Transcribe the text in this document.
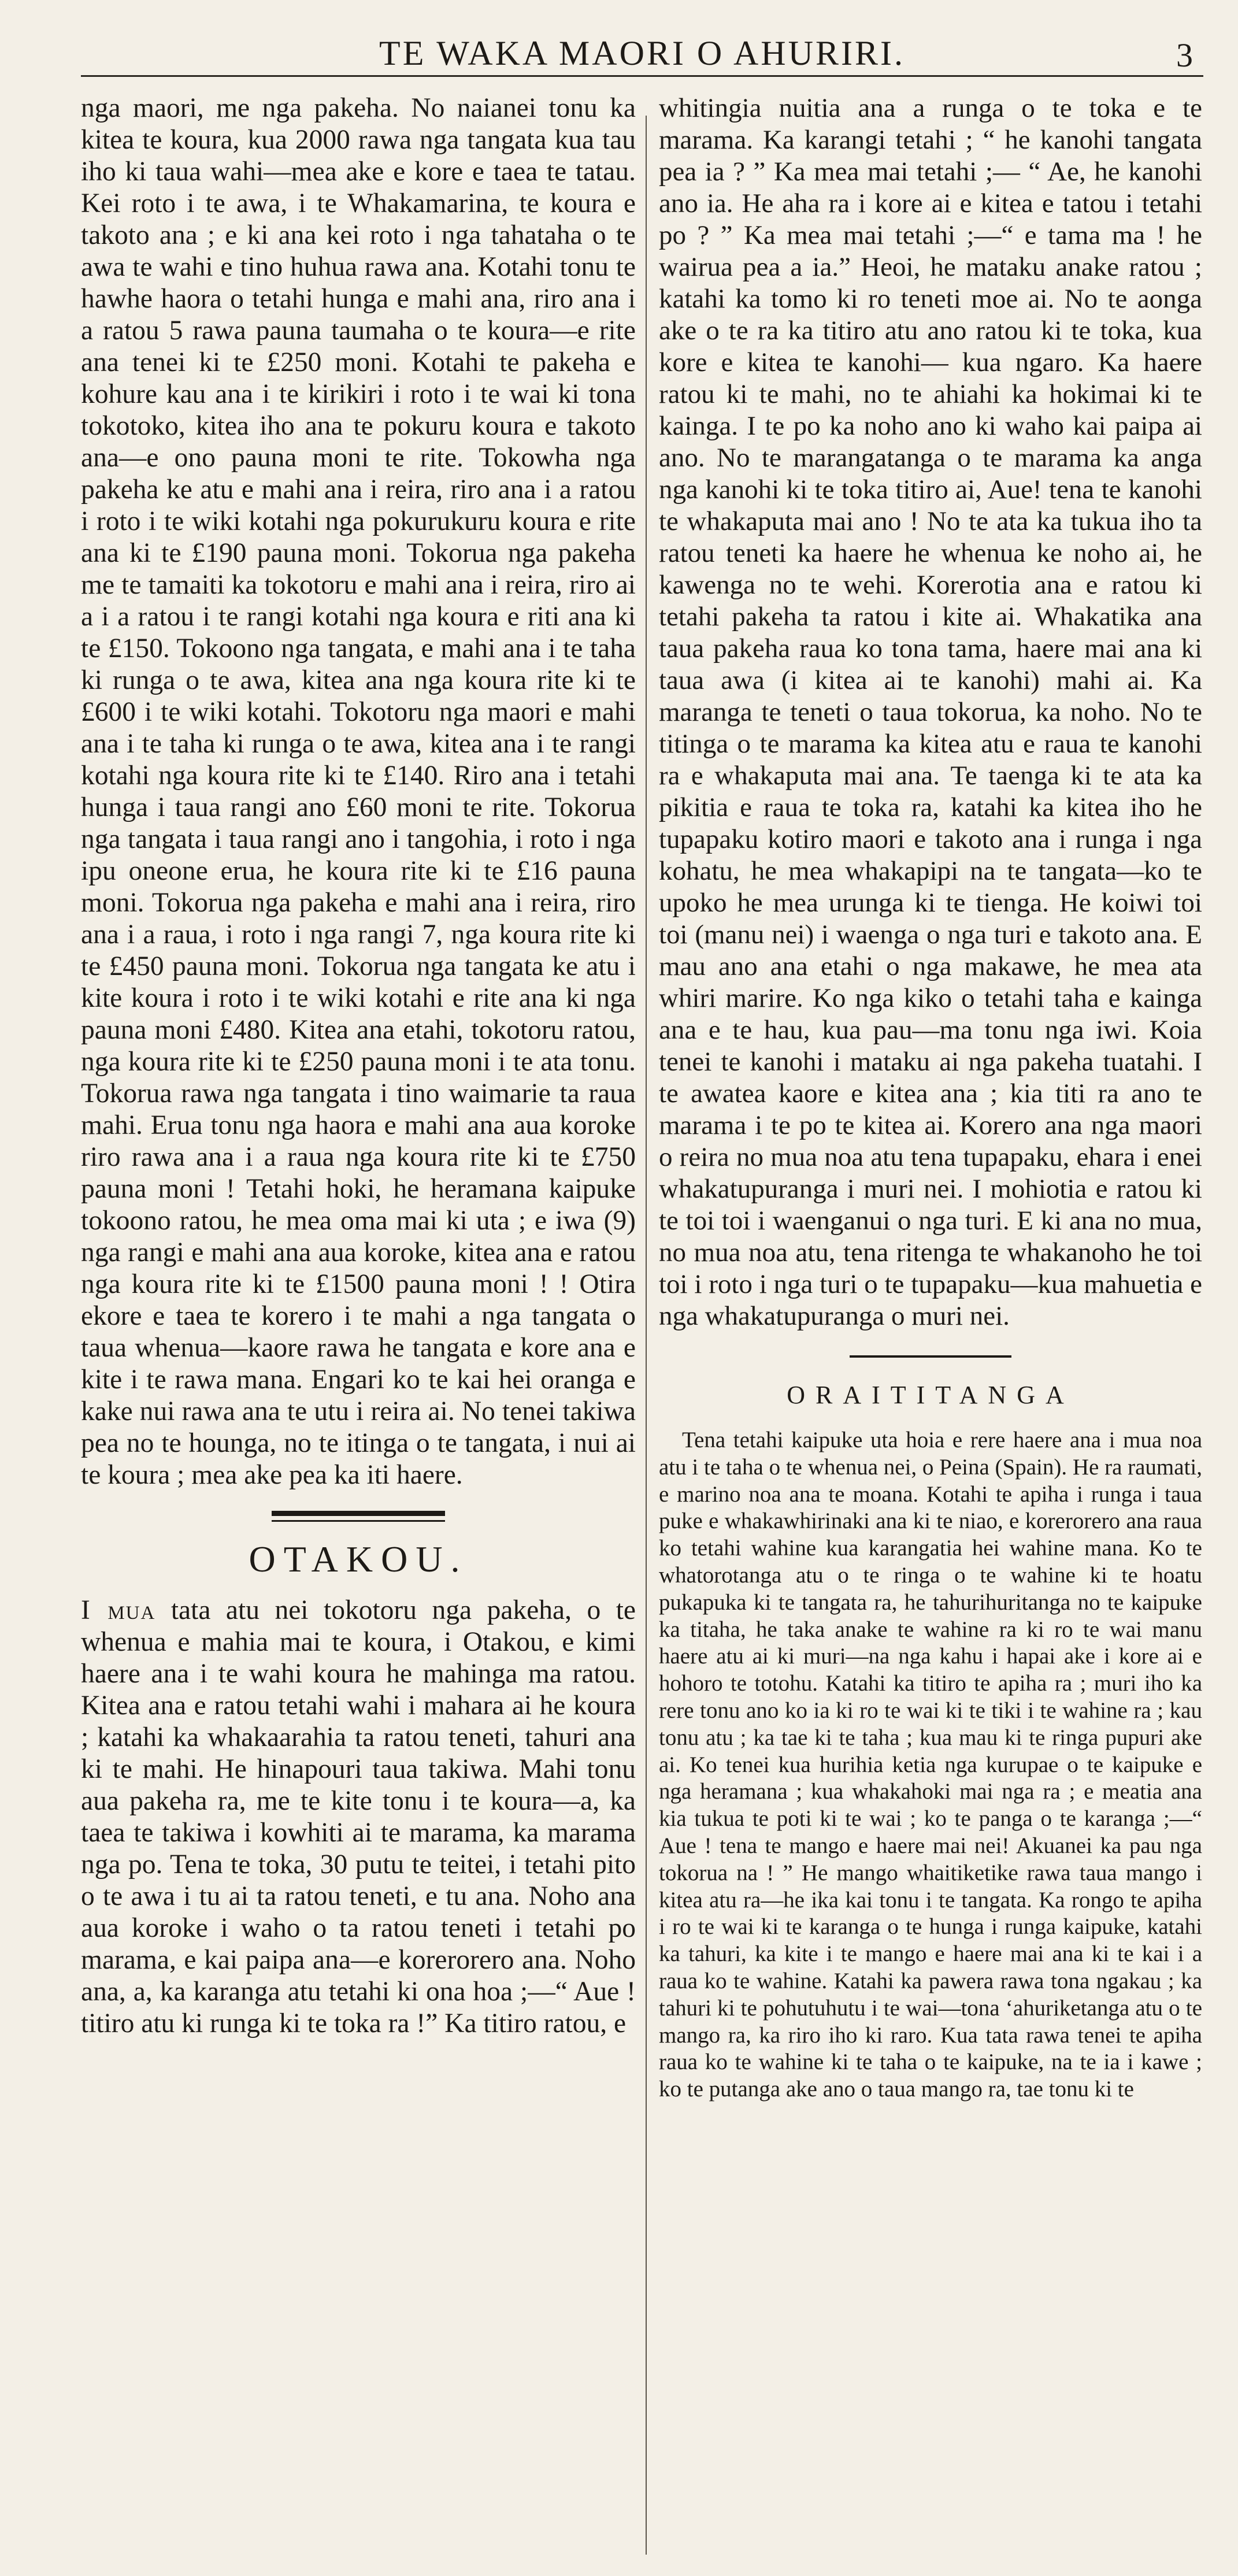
TE WAKA MAORI O AHURIRI.	3

nga maori, me nga pakeha. No naianei tonu ka kitea te koura, kua 2000 rawa nga tangata kua tau iho ki taua wahi—mea ake e kore e taea te tatau. Kei roto i te awa, i te Whakamarina, te koura e takoto ana ; e ki ana kei roto i nga tahataha o te awa te wahi e tino huhua rawa ana. Kotahi tonu te hawhe haora o tetahi hunga e mahi ana, riro ana i a ratou 5 rawa pauna taumaha o te koura—e rite ana tenei ki te £250 moni. Kotahi te pakeha e kohure kau ana i te kirikiri i roto i te wai ki tona tokotoko, kitea iho ana te pokuru koura e takoto ana—e ono pauna moni te rite. Tokowha nga pakeha ke atu e mahi ana i reira, riro ana i a ratou i roto i te wiki kotahi nga pokurukuru koura e rite ana ki te £190 pauna moni. Tokorua nga pakeha me te tamaiti ka tokotoru e mahi ana i reira, riro ai a i a ratou i te rangi kotahi nga koura e riti ana ki te £150. Tokoono nga tangata, e mahi ana i te taha ki runga o te awa, kitea ana nga koura rite ki te £600 i te wiki kotahi. Tokotoru nga maori e mahi ana i te taha ki runga o te awa, kitea ana i te rangi kotahi nga koura rite ki te £140. Riro ana i tetahi hunga i taua rangi ano £60 moni te rite. Tokorua nga tangata i taua rangi ano i tangohia, i roto i nga ipu oneone erua, he koura rite ki te £16 pauna moni. Tokorua nga pakeha e mahi ana i reira, riro ana i a raua, i roto i nga rangi 7, nga koura rite ki te £450 pauna moni. Tokorua nga tangata ke atu i kite koura i roto i te wiki kotahi e rite ana ki nga pauna moni £480. Kitea ana etahi, tokotoru ratou, nga koura rite ki te £250 pauna moni i te ata tonu. Tokorua rawa nga tangata i tino waimarie ta raua mahi. Erua tonu nga haora e mahi ana aua koroke riro rawa ana i a raua nga koura rite ki te £750 pauna moni ! Tetahi hoki, he heramana kaipuke tokoono ratou, he mea oma mai ki uta ; e iwa (9) nga rangi e mahi ana aua koroke, kitea ana e ratou nga koura rite ki te £1500 pauna moni ! ! Otira ekore e taea te korero i te mahi a nga tangata o taua whenua—kaore rawa he tangata e kore ana e kite i te rawa mana. Engari ko te kai hei oranga e kake nui rawa ana te utu i reira ai. No tenei takiwa pea no te hounga, no te itinga o te tangata, i nui ai te koura ; mea ake pea ka iti haere.

OTAKOU.

I mua tata atu nei tokotoru nga pakeha, o te whenua e mahia mai te koura, i Otakou, e kimi haere ana i te wahi koura he mahinga ma ratou. Kitea ana e ratou tetahi wahi i mahara ai he koura ; katahi ka whakaarahia ta ratou teneti, tahuri ana ki te mahi. He hinapouri taua takiwa. Mahi tonu aua pakeha ra, me te kite tonu i te koura—a, ka taea te takiwa i kowhiti ai te marama, ka marama nga po. Tena te toka, 30 putu te teitei, i tetahi pito o te awa i tu ai ta ratou teneti, e tu ana. Noho ana aua koroke i waho o ta ratou teneti i tetahi po marama, e kai paipa ana—e korerorero ana. Noho ana, a, ka karanga atu tetahi ki ona hoa ;—“ Aue ! titiro atu ki runga ki te toka ra !” Ka titiro ratou, e

whitingia nuitia ana a runga o te toka e te marama. Ka karangi tetahi ; “ he kanohi tangata pea ia ? ” Ka mea mai tetahi ;— “ Ae, he kanohi ano ia. He aha ra i kore ai e kitea e tatou i tetahi po ? ” Ka mea mai tetahi ;—“ e tama ma ! he wairua pea a ia.” Heoi, he mataku anake ratou ; katahi ka tomo ki ro teneti moe ai. No te aonga ake o te ra ka titiro atu ano ratou ki te toka, kua kore e kitea te kanohi— kua ngaro. Ka haere ratou ki te mahi, no te ahiahi ka hokimai ki te kainga. I te po ka noho ano ki waho kai paipa ai ano. No te marangatanga o te marama ka anga nga kanohi ki te toka titiro ai, Aue! tena te kanohi te whakaputa mai ano ! No te ata ka tukua iho ta ratou teneti ka haere he whenua ke noho ai, he kawenga no te wehi. Korerotia ana e ratou ki tetahi pakeha ta ratou i kite ai. Whakatika ana taua pakeha raua ko tona tama, haere mai ana ki taua awa (i kitea ai te kanohi) mahi ai. Ka maranga te teneti o taua tokorua, ka noho. No te titinga o te marama ka kitea atu e raua te kanohi ra e whakaputa mai ana. Te taenga ki te ata ka pikitia e raua te toka ra, katahi ka kitea iho he tupapaku kotiro maori e takoto ana i runga i nga kohatu, he mea whakapipi na te tangata—ko te upoko he mea urunga ki te tienga. He koiwi toi toi (manu nei) i waenga o nga turi e takoto ana. E mau ano ana etahi o nga makawe, he mea ata whiri marire. Ko nga kiko o tetahi taha e kainga ana e te hau, kua pau—ma tonu nga iwi. Koia tenei te kanohi i mataku ai nga pakeha tuatahi. I te awatea kaore e kitea ana ; kia titi ra ano te marama i te po te kitea ai. Korero ana nga maori o reira no mua noa atu tena tupapaku, ehara i enei whakatupuranga i muri nei. I mohiotia e ratou ki te toi toi i waenganui o nga turi. E ki ana no mua, no mua noa atu, tena ritenga te whakanoho he toi toi i roto i nga turi o te tupapaku—kua mahuetia e nga whakatupuranga o muri nei.

ORAITITANGA

Tena tetahi kaipuke uta hoia e rere haere ana i mua noa atu i te taha o te whenua nei, o Peina (Spain). He ra raumati, e marino noa ana te moana. Kotahi te apiha i runga i taua puke e whakawhirinaki ana ki te niao, e korerorero ana raua ko tetahi wahine kua karangatia hei wahine mana. Ko te whatorotanga atu o te ringa o te wahine ki te hoatu pukapuka ki te tangata ra, he tahurihuritanga no te kaipuke ka titaha, he taka anake te wahine ra ki ro te wai manu haere atu ai ki muri—na nga kahu i hapai ake i kore ai e hohoro te totohu. Katahi ka titiro te apiha ra ; muri iho ka rere tonu ano ko ia ki ro te wai ki te tiki i te wahine ra ; kau tonu atu ; ka tae ki te taha ; kua mau ki te ringa pupuri ake ai. Ko tenei kua hurihia ketia nga kurupae o te kaipuke e nga heramana ; kua whakahoki mai nga ra ; e meatia ana kia tukua te poti ki te wai ; ko te panga o te karanga ;—“ Aue ! tena te mango e haere mai nei! Akuanei ka pau nga tokorua na ! ” He mango whaitiketike rawa taua mango i kitea atu ra—he ika kai tonu i te tangata. Ka rongo te apiha i ro te wai ki te karanga o te hunga i runga kaipuke, katahi ka tahuri, ka kite i te mango e haere mai ana ki te kai i a raua ko te wahine. Katahi ka pawera rawa tona ngakau ; ka tahuri ki te pohutuhutu i te wai—tona ‘ahuriketanga atu o te mango ra, ka riro iho ki raro. Kua tata rawa tenei te apiha raua ko te wahine ki te taha o te kaipuke, na te ia i kawe ; ko te putanga ake ano o taua mango ra, tae tonu ki te
